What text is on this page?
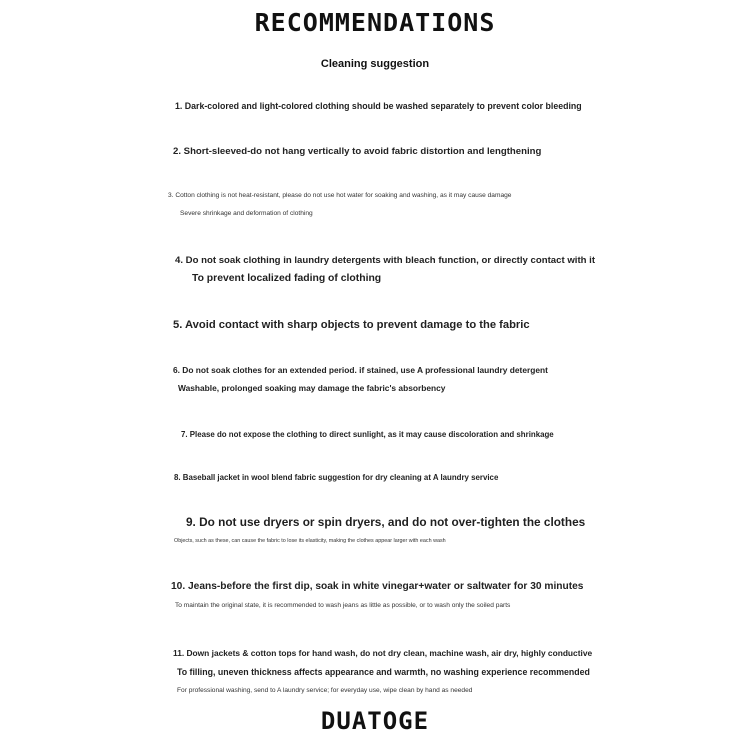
RECOMMENDATIONS
Cleaning suggestion
1. Dark-colored and light-colored clothing should be washed separately to prevent color bleeding
2. Short-sleeved-do not hang vertically to avoid fabric distortion and lengthening
3. Cotton clothing is not heat-resistant, please do not use hot water for soaking and washing, as it may cause damage
Severe shrinkage and deformation of clothing
4. Do not soak clothing in laundry detergents with bleach function, or directly contact with it
To prevent localized fading of clothing
5. Avoid contact with sharp objects to prevent damage to the fabric
6. Do not soak clothes for an extended period. if stained, use A professional laundry detergent
Washable, prolonged soaking may damage the fabric's absorbency
7. Please do not expose the clothing to direct sunlight, as it may cause discoloration and shrinkage
8. Baseball jacket in wool blend fabric suggestion for dry cleaning at A laundry service
9. Do not use dryers or spin dryers, and do not over-tighten the clothes
Objects, such as these, can cause the fabric to lose its elasticity, making the clothes appear larger with each wash
10. Jeans-before the first dip, soak in white vinegar+water or saltwater for 30 minutes
To maintain the original state, it is recommended to wash jeans as little as possible, or to wash only the soiled parts
11. Down jackets & cotton tops for hand wash, do not dry clean, machine wash, air dry, highly conductive
To filling, uneven thickness affects appearance and warmth, no washing experience recommended
For professional washing, send to A laundry service; for everyday use, wipe clean by hand as needed
DUATOGE
